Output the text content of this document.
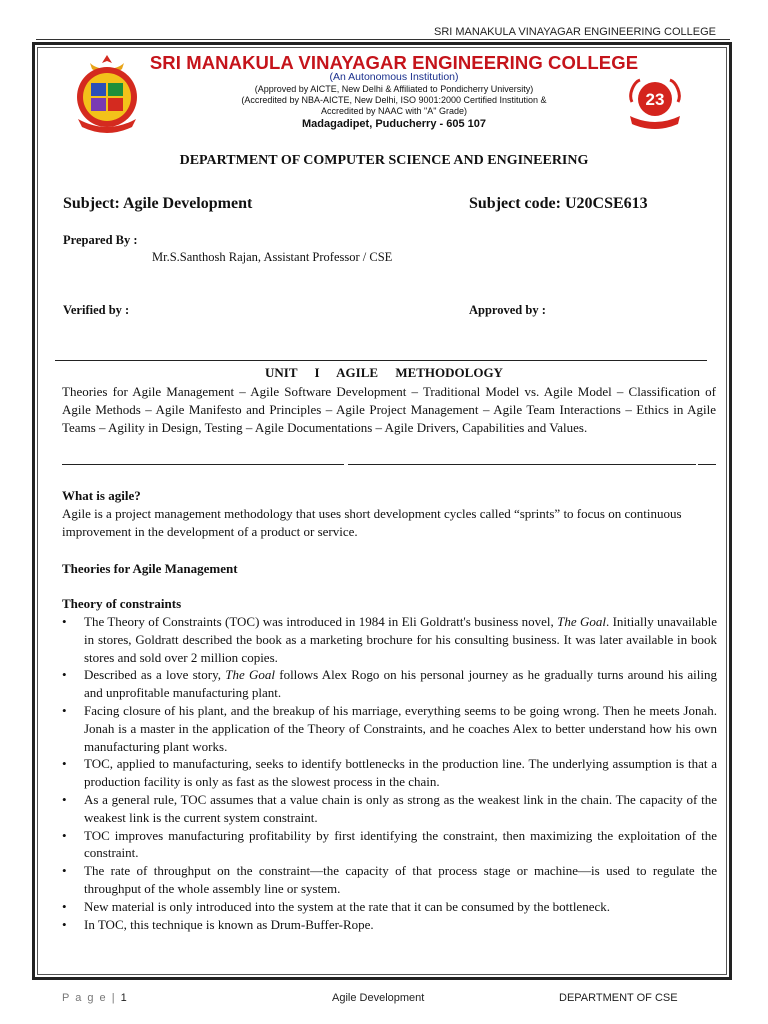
SRI MANAKULA VINAYAGAR ENGINEERING COLLEGE
23
SRI MANAKULA VINAYAGAR ENGINEERING COLLEGE
(An Autonomous Institution)
(Approved by AICTE, New Delhi & Affiliated to Pondicherry University)
(Accredited by NBA-AICTE, New Delhi, ISO 9001:2000 Certified Institution &
Accredited by NAAC with "A" Grade)
Madagadipet, Puducherry - 605 107
DEPARTMENT OF COMPUTER SCIENCE AND ENGINEERING
Subject: Agile Development	Subject code: U20CSE613
Prepared By :
Mr.S.Santhosh Rajan, Assistant Professor / CSE
Verified by :	Approved by :
UNIT I AGILE METHODOLOGY
Theories for Agile Management – Agile Software Development – Traditional Model vs. Agile Model – Classification of Agile Methods – Agile Manifesto and Principles – Agile Project Management – Agile Team Interactions – Ethics in Agile Teams – Agility in Design, Testing – Agile Documentations – Agile Drivers, Capabilities and Values.
What is agile?
Agile is a project management methodology that uses short development cycles called “sprints” to focus on continuous improvement in the development of a product or service.
Theories for Agile Management
Theory of constraints
• The Theory of Constraints (TOC) was introduced in 1984 in Eli Goldratt's business novel, The Goal. Initially unavailable in stores, Goldratt described the book as a marketing brochure for his consulting business. It was later available in book stores and sold over 2 million copies.
• Described as a love story, The Goal follows Alex Rogo on his personal journey as he gradually turns around his ailing and unprofitable manufacturing plant.
• Facing closure of his plant, and the breakup of his marriage, everything seems to be going wrong. Then he meets Jonah. Jonah is a master in the application of the Theory of Constraints, and he coaches Alex to better understand how his own manufacturing plant works.
• TOC, applied to manufacturing, seeks to identify bottlenecks in the production line. The underlying assumption is that a production facility is only as fast as the slowest process in the chain.
• As a general rule, TOC assumes that a value chain is only as strong as the weakest link in the chain. The capacity of the weakest link is the current system constraint.
• TOC improves manufacturing profitability by first identifying the constraint, then maximizing the exploitation of the constraint.
• The rate of throughput on the constraint—the capacity of that process stage or machine—is used to regulate the throughput of the whole assembly line or system.
• New material is only introduced into the system at the rate that it can be consumed by the bottleneck.
• In TOC, this technique is known as Drum-Buffer-Rope.
P a g e | 1	Agile Development	DEPARTMENT OF CSE
